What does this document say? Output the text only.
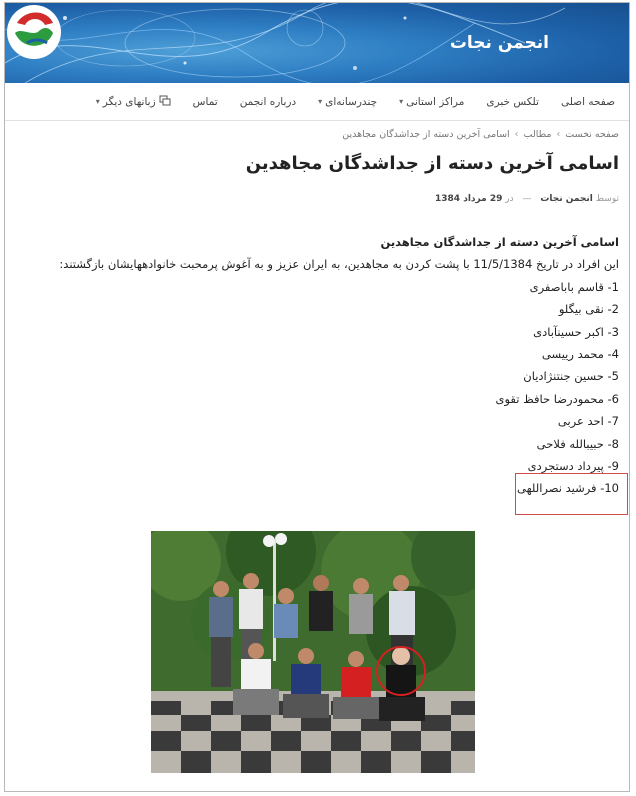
انجمن نجات
صفحه اصلی
تلکس خبری
مراکز استانی
▾
چندرسانه‌ای
▾
درباره انجمن
تماس
زبانهای دیگر
▾
صفحه نخست›مطالب›اسامی آخرین دسته از جداشدگان مجاهدین
اسامی آخرین دسته از جداشدگان مجاهدین
توسط انجمن نجات — در 29 مرداد 1384
اسامی آخرین دسته از جداشدگان مجاهدین
این افراد در تاریخ 11/5/1384 با پشت کردن به مجاهدین، به ایران عزیز و به آغوش پرمحبت خانوادههایشان بازگشتند:
1- قاسم باباصفری
2- نقی بیگلو
3- اکبر حسینآبادی
4- محمد رییسی
5- حسین جنتنژادیان
6- محمودرضا حافظ تقوی
7- احد عربی
8- حبیبالله فلاحی
9- پیرداد دستجردی
10- فرشید نصراللهی
